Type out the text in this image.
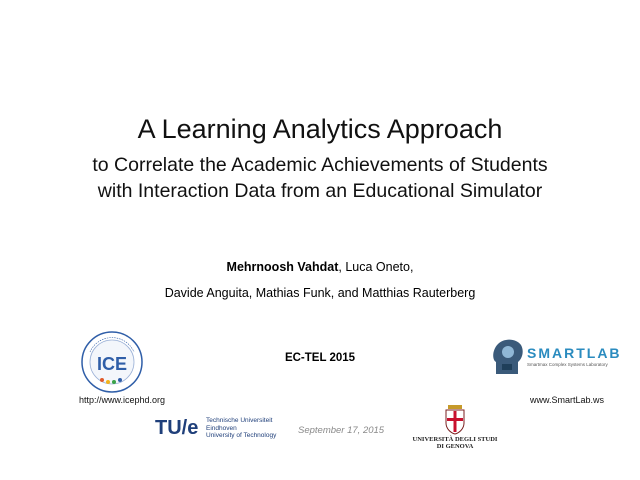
A Learning Analytics Approach
to Correlate the Academic Achievements of Students
with Interaction Data from an Educational Simulator
Mehrnoosh Vahdat, Luca Oneto,
Davide Anguita, Mathias Funk, and Matthias Rauterberg
EC-TEL 2015
ICE
http://www.icephd.org
SMARTLAB
Smartmax Complex Systems Laboratory
www.SmartLab.ws
TU/e Technische Universiteit
Eindhoven
University of Technology September 17, 2015
UNIVERSITÀ DEGLI STUDI
DI GENOVA
